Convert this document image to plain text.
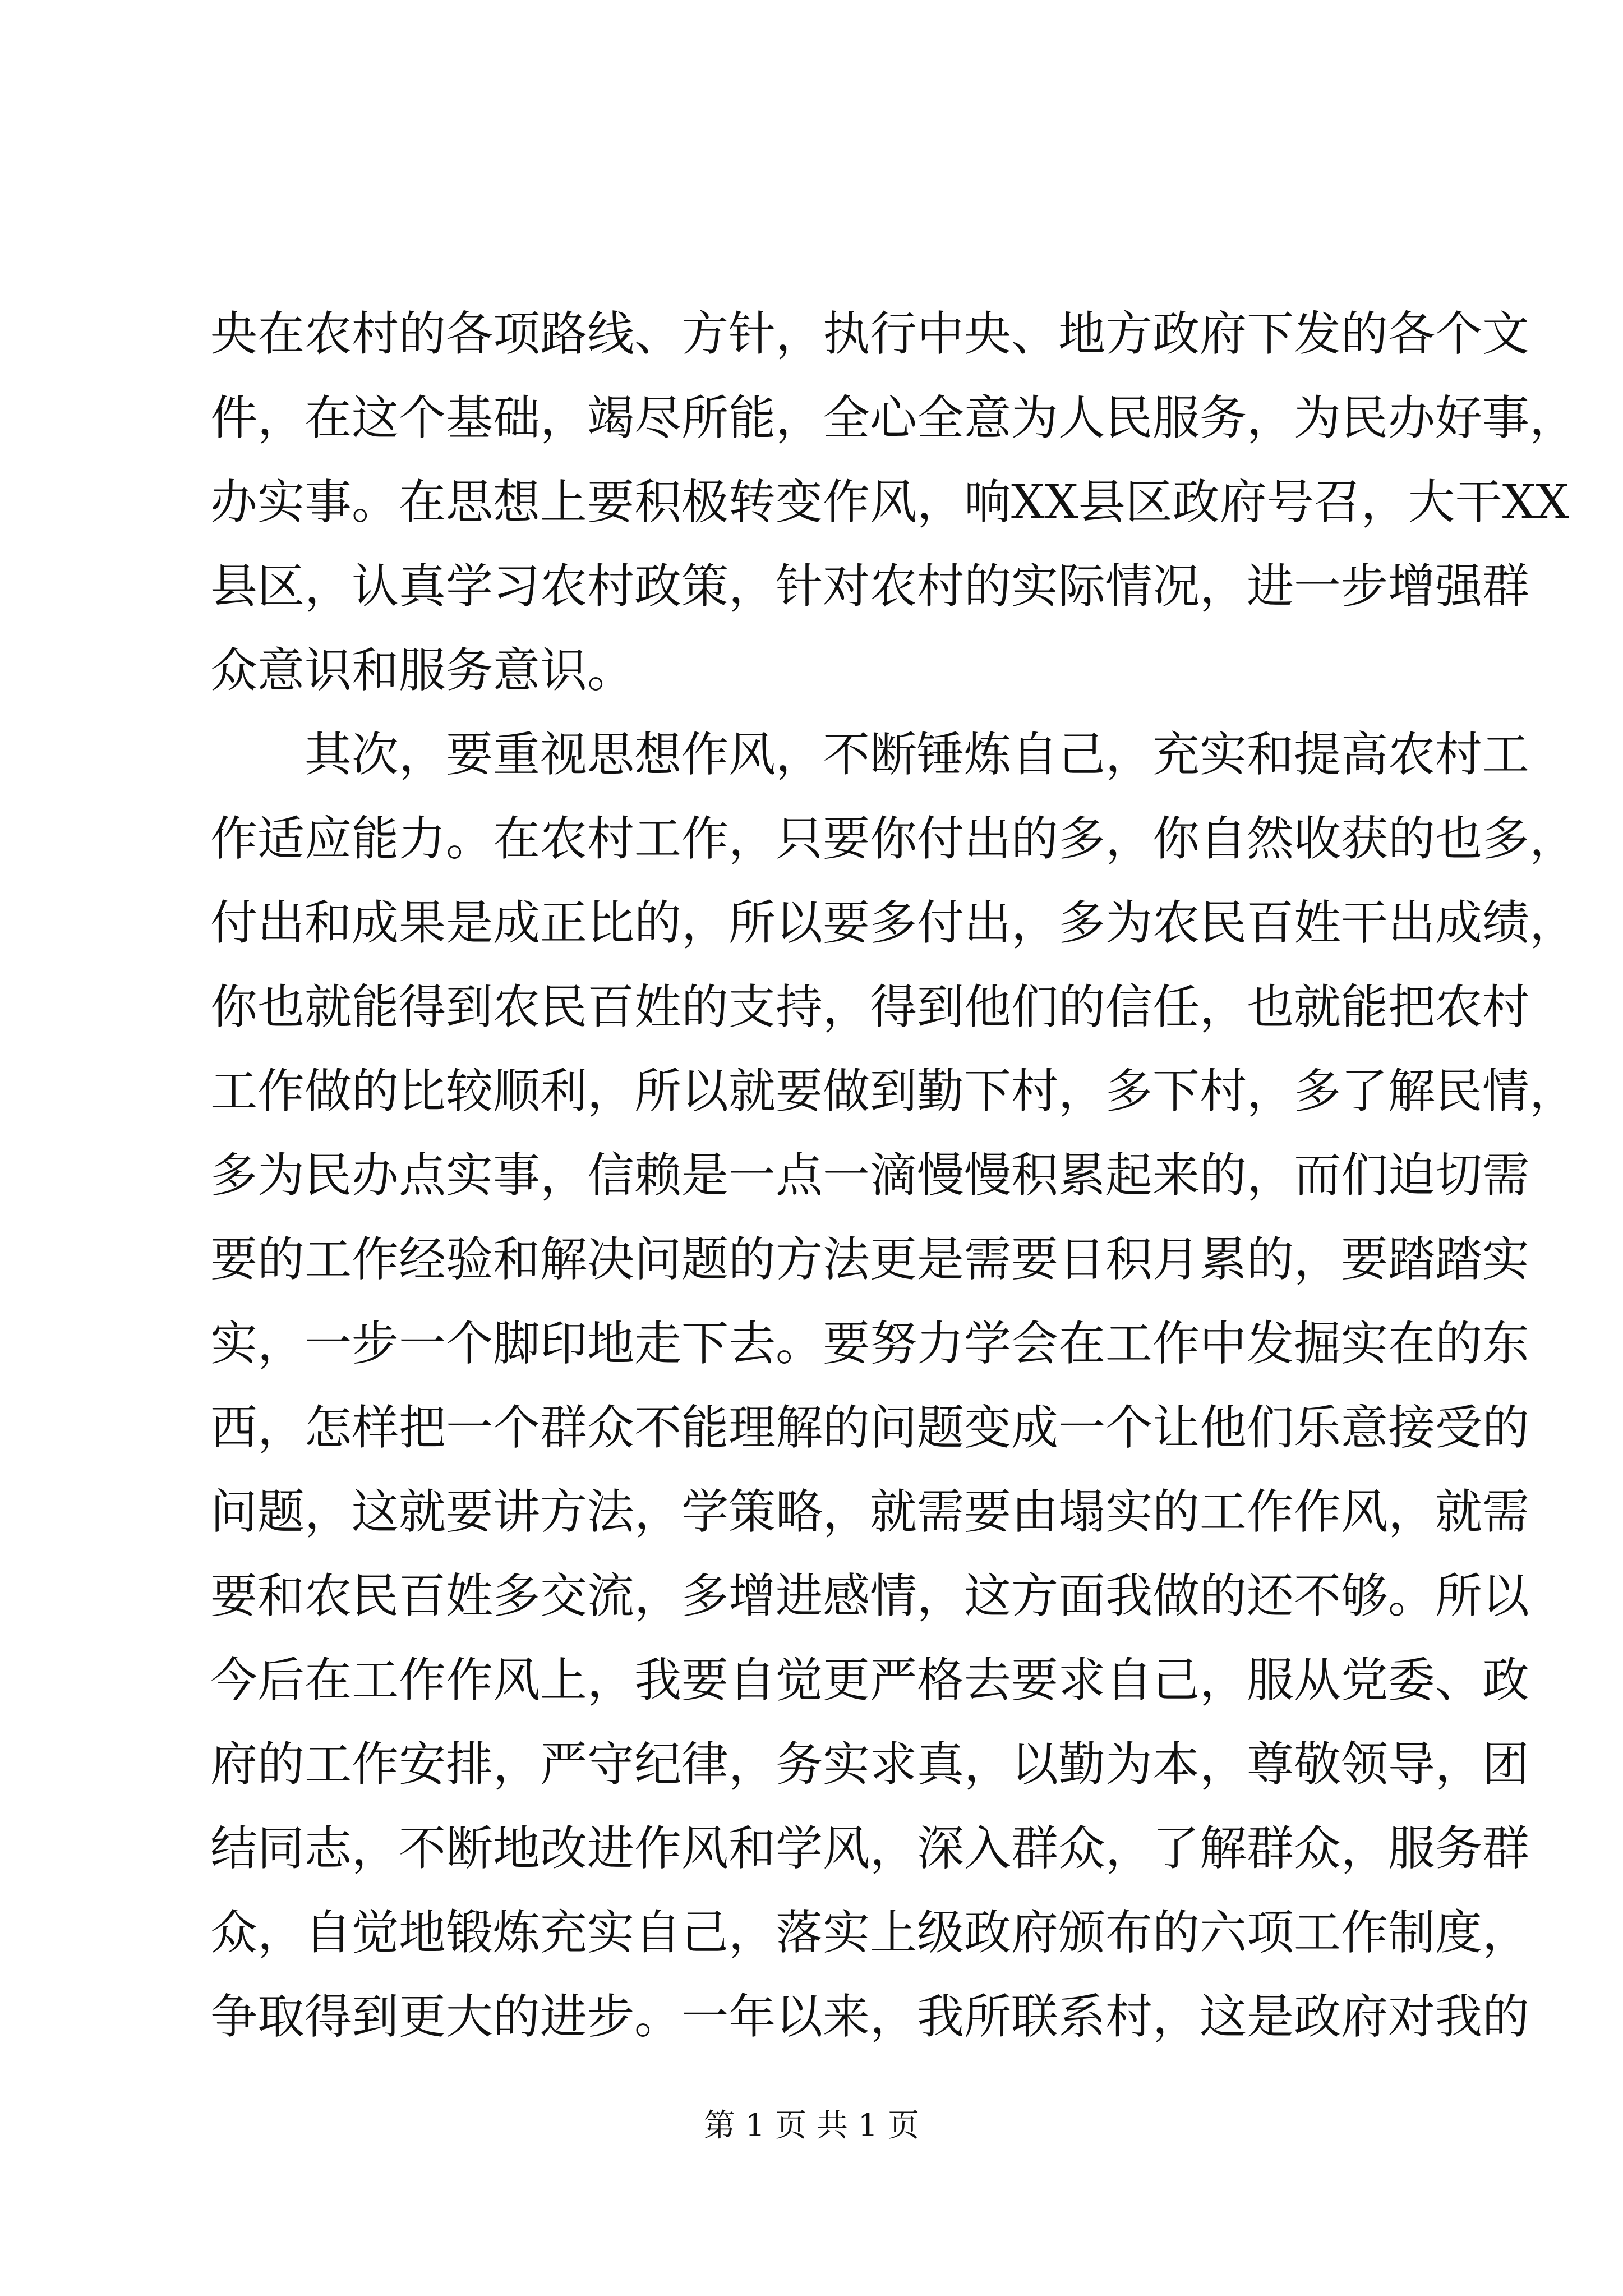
央在农村的各项路线、方针，执行中央、地方政府下发的各个文
件，在这个基础，竭尽所能，全心全意为人民服务，为民办好事，
办实事。在思想上要积极转变作风，响XX县区政府号召，大干XX
县区，认真学习农村政策，针对农村的实际情况，进一步增强群
众意识和服务意识。
其次，要重视思想作风，不断锤炼自己，充实和提高农村工
作适应能力。在农村工作，只要你付出的多，你自然收获的也多，
付出和成果是成正比的，所以要多付出，多为农民百姓干出成绩，
你也就能得到农民百姓的支持，得到他们的信任，也就能把农村
工作做的比较顺利，所以就要做到勤下村，多下村，多了解民情，
多为民办点实事，信赖是一点一滴慢慢积累起来的，而们迫切需
要的工作经验和解决问题的方法更是需要日积月累的，要踏踏实
实，一步一个脚印地走下去。要努力学会在工作中发掘实在的东
西，怎样把一个群众不能理解的问题变成一个让他们乐意接受的
问题，这就要讲方法，学策略，就需要由塌实的工作作风，就需
要和农民百姓多交流，多增进感情，这方面我做的还不够。所以
今后在工作作风上，我要自觉更严格去要求自己，服从党委、政
府的工作安排，严守纪律，务实求真，以勤为本，尊敬领导，团
结同志，不断地改进作风和学风，深入群众，了解群众，服务群
众，自觉地锻炼充实自己，落实上级政府颁布的六项工作制度，
争取得到更大的进步。一年以来，我所联系村，这是政府对我的
第 1 页 共 1 页
